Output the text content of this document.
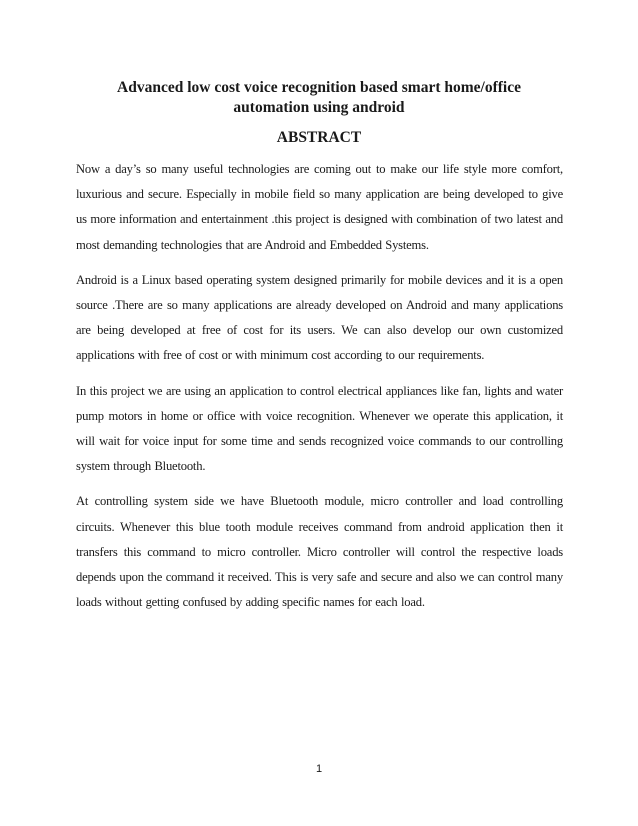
Advanced low cost voice recognition based smart home/office
automation using android
ABSTRACT

Now a day’s so many useful technologies are coming out to make our life style more comfort, luxurious and secure. Especially in mobile field so many application are being developed to give us more information and entertainment .this project is designed with combination of two latest and most demanding technologies that are Android and Embedded Systems.

Android is a Linux based operating system designed primarily for mobile devices and it is a open source .There are so many applications are already developed on Android and many applications are being developed at free of cost for its users. We can also develop our own customized applications with free of cost or with minimum cost according to our requirements.

In this project we are using an application to control electrical appliances like fan, lights and water pump motors in home or office with voice recognition. Whenever we operate this application, it will wait for voice input for some time and sends recognized voice commands to our controlling system through Bluetooth.

At controlling system side we have Bluetooth module, micro controller and load controlling circuits. Whenever this blue tooth module receives command from android application then it transfers this command to micro controller. Micro controller will control the respective loads depends upon the command it received. This is very safe and secure and also we can control many loads without getting confused by adding specific names for each load.

1
